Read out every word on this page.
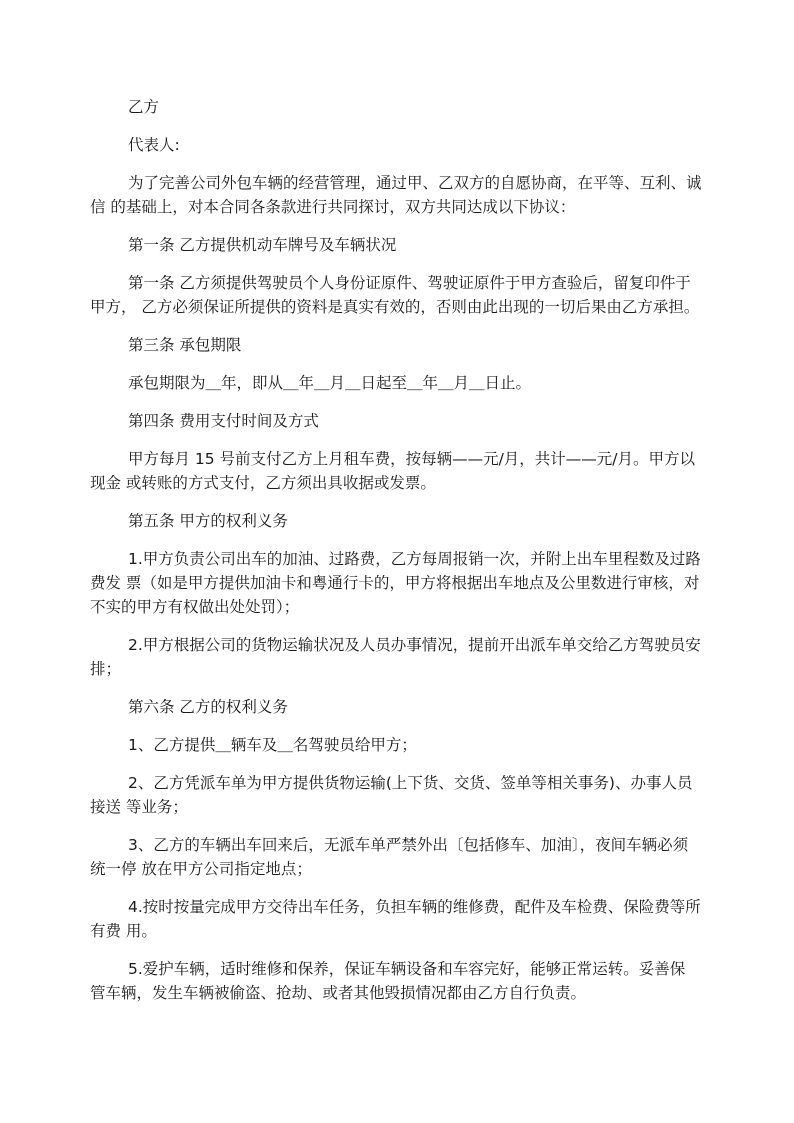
乙方

代表人:

为了完善公司外包车辆的经营管理，通过甲、乙双方的自愿协商，在平等、互利、诚信 的基础上，对本合同各条款进行共同探讨，双方共同达成以下协议：

第一条 乙方提供机动车牌号及车辆状况

第一条 乙方须提供驾驶员个人身份证原件、驾驶证原件于甲方查验后，留复印件于甲方， 乙方必须保证所提供的资料是真实有效的，否则由此出现的一切后果由乙方承担。

第三条 承包期限

承包期限为＿年，即从＿年＿月＿日起至＿年＿月＿日止。

第四条 费用支付时间及方式

甲方每月 15 号前支付乙方上月租车费，按每辆——元/月，共计——元/月。甲方以现金 或转账的方式支付，乙方须出具收据或发票。

第五条 甲方的权利义务

1.甲方负责公司出车的加油、过路费，乙方每周报销一次，并附上出车里程数及过路费发 票（如是甲方提供加油卡和粤通行卡的，甲方将根据出车地点及公里数进行审核，对不实的甲方有权做出处处罚）；

2.甲方根据公司的货物运输状况及人员办事情况，提前开出派车单交给乙方驾驶员安 排；

第六条 乙方的权利义务

1、乙方提供＿辆车及＿名驾驶员给甲方；

2、乙方凭派车单为甲方提供货物运输(上下货、交货、签单等相关事务)、办事人员接送 等业务；

3、乙方的车辆出车回来后，无派车单严禁外出〔包括修车、加油〕，夜间车辆必须统一停 放在甲方公司指定地点；

4.按时按量完成甲方交待出车任务，负担车辆的维修费，配件及车检费、保险费等所有费 用。

5.爱护车辆，适时维修和保养，保证车辆设备和车容完好，能够正常运转。妥善保 管车辆，发生车辆被偷盗、抢劫、或者其他毁损情况都由乙方自行负责。
